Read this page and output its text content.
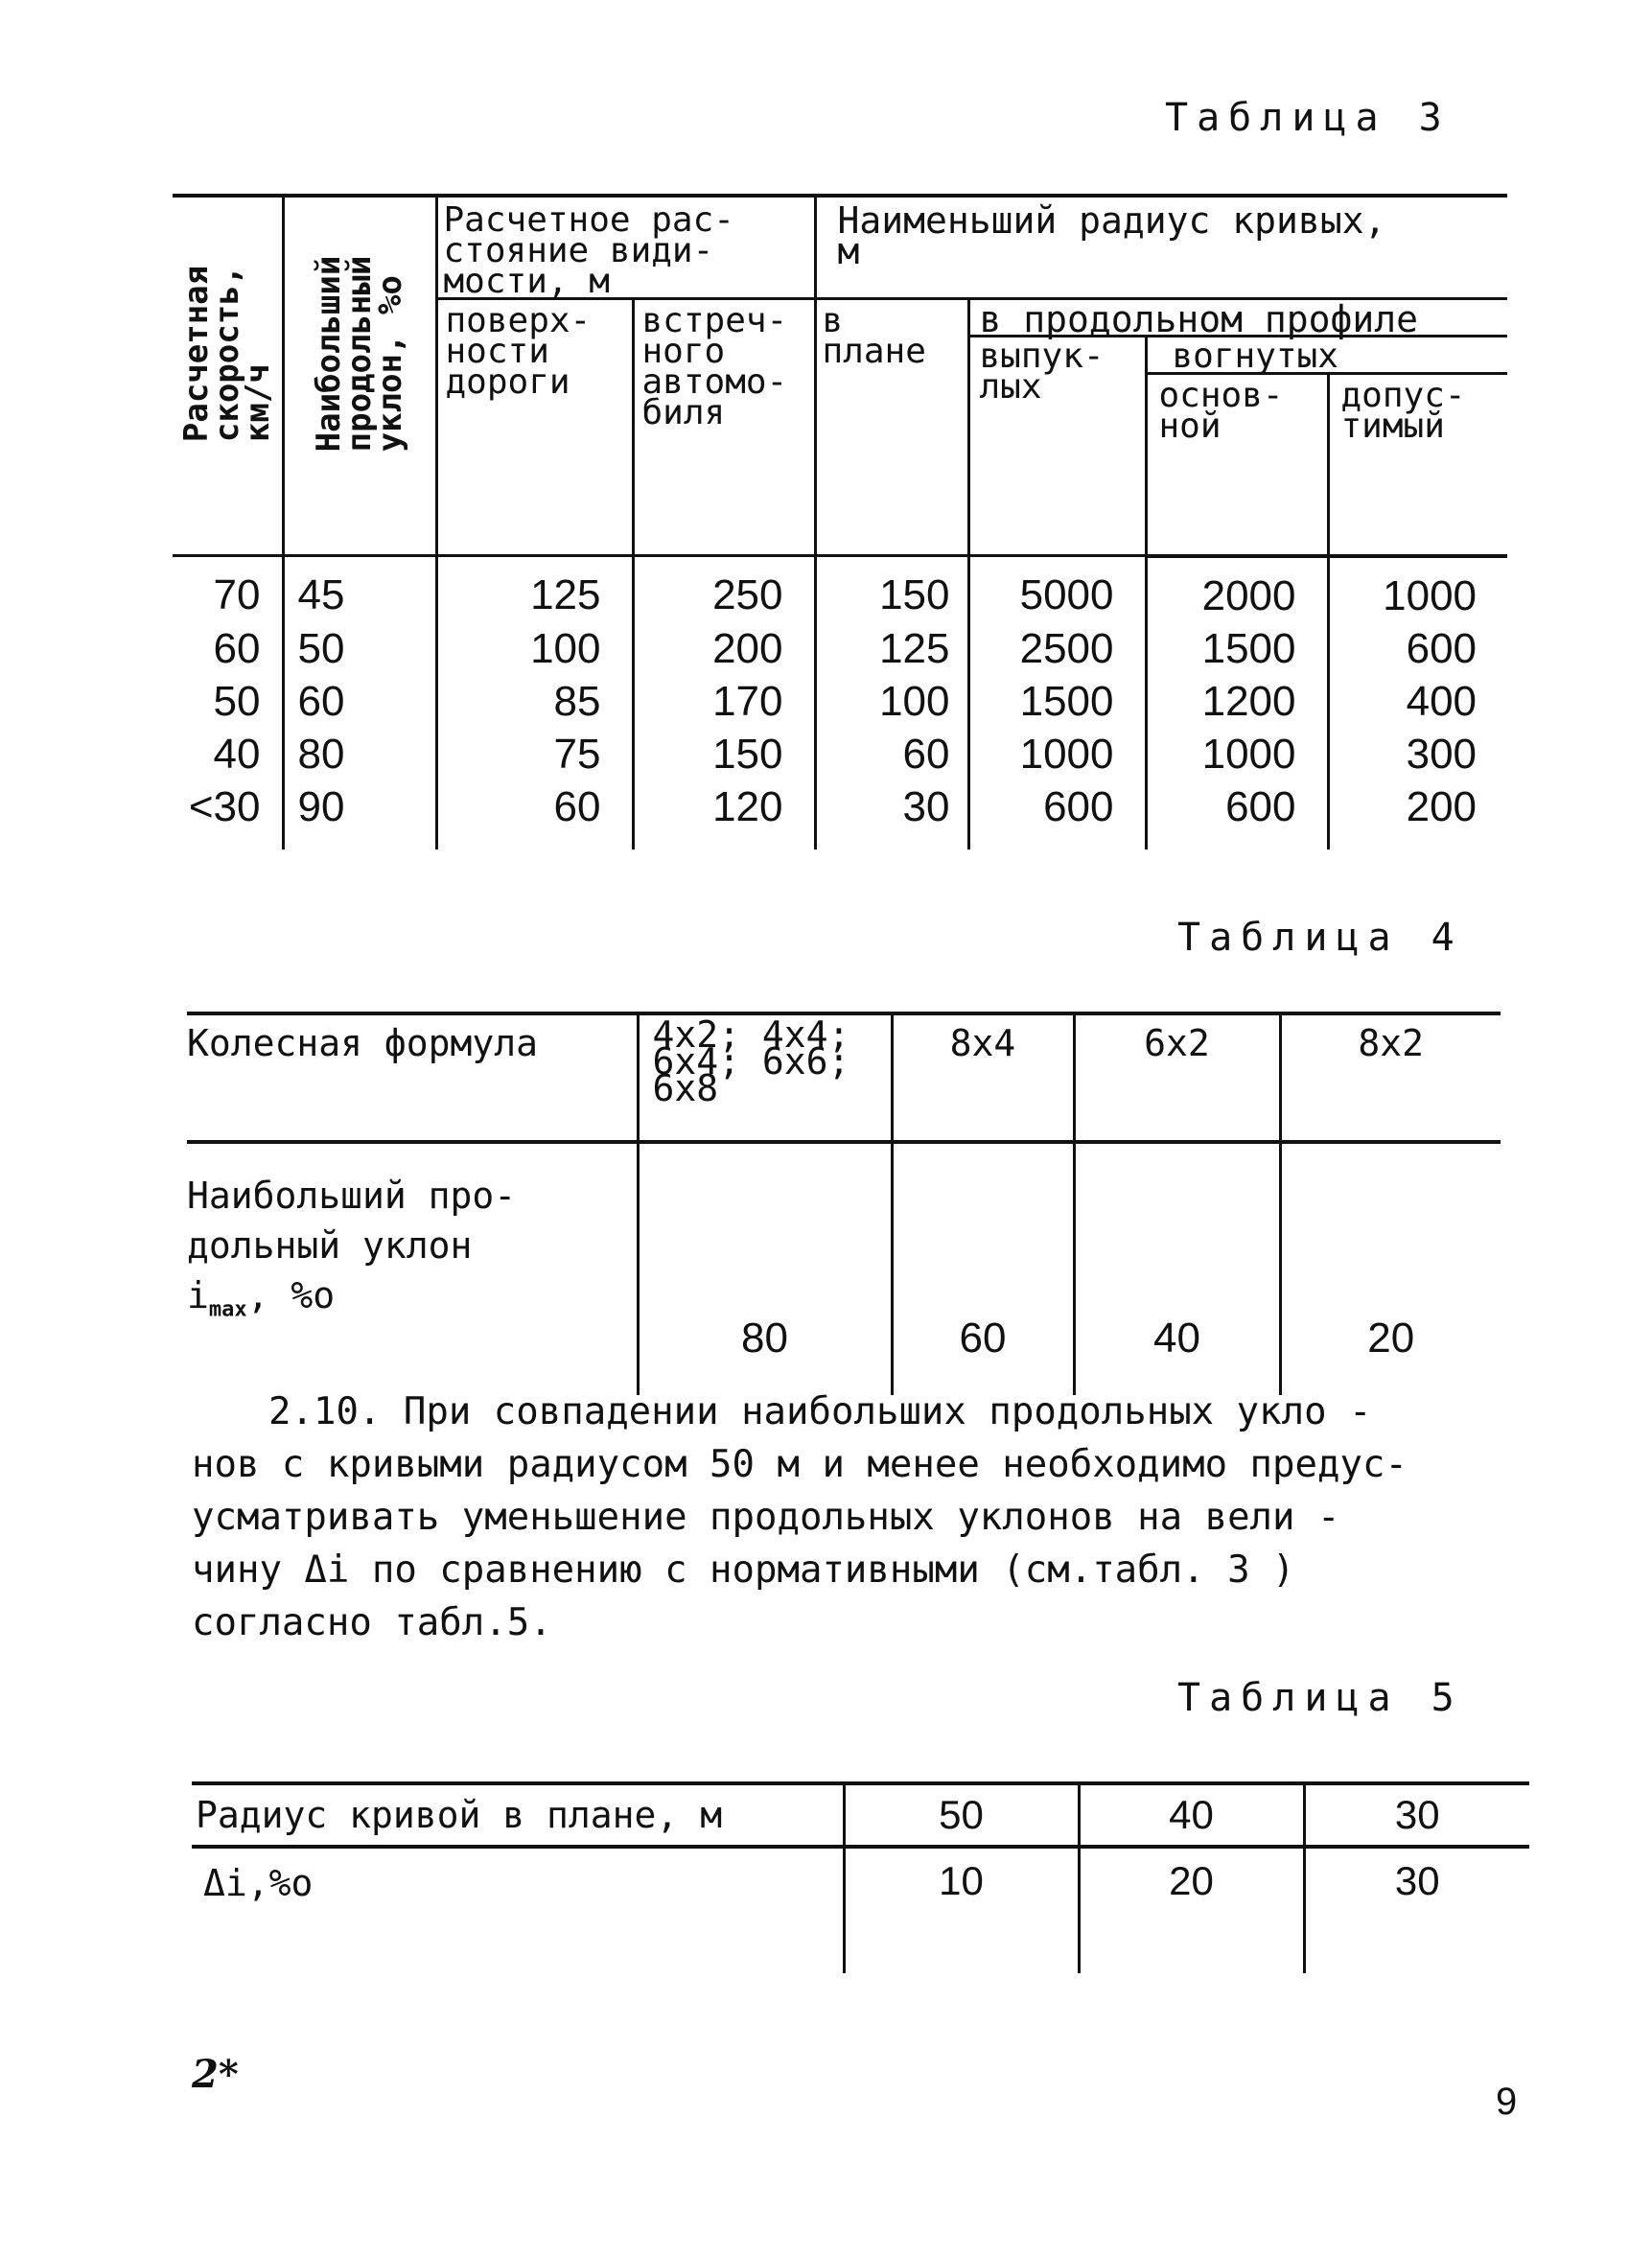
Таблица 3
Расчетная
скорость,
км/ч	Наибольший
продольный
уклон, %о	Расчетное рас-
стояние види-
мости, м		Наименьший радиус кривых,
м			
		поверх-
ности
дороги	встреч-
ного
автомо-
биля	в
плане	в продольном профиле		
					выпук-
лых	вогнутых	
						основ-
ной	допус-
тимый
70	45	125	250	150	5000	2000	1000
60	50	100	200	125	2500	1500	600
50	60	85	170	100	1500	1200	400
40	80	75	150	60	1000	1000	300
<30	90	60	120	30	600	600	200
Таблица 4
Колесная формула	4х2; 4х4;
6х4; 6х6;
6х8	8х4	6х2	8х2
Наибольший про-
дольный уклон
$i_{max}$, %о	80	60	40	20

2.10. При совпадении наибольших продольных укло -

нов с кривыми радиусом 50 м и менее необходимо предус-

усматривать уменьшение продольных уклонов на вели -

чину Δi по сравнению с нормативными (см.табл. 3 )

согласно табл.5.

Таблица 5
Радиус кривой в плане, м	50	40	30
Δi,%о	10	20	30
2*
9
